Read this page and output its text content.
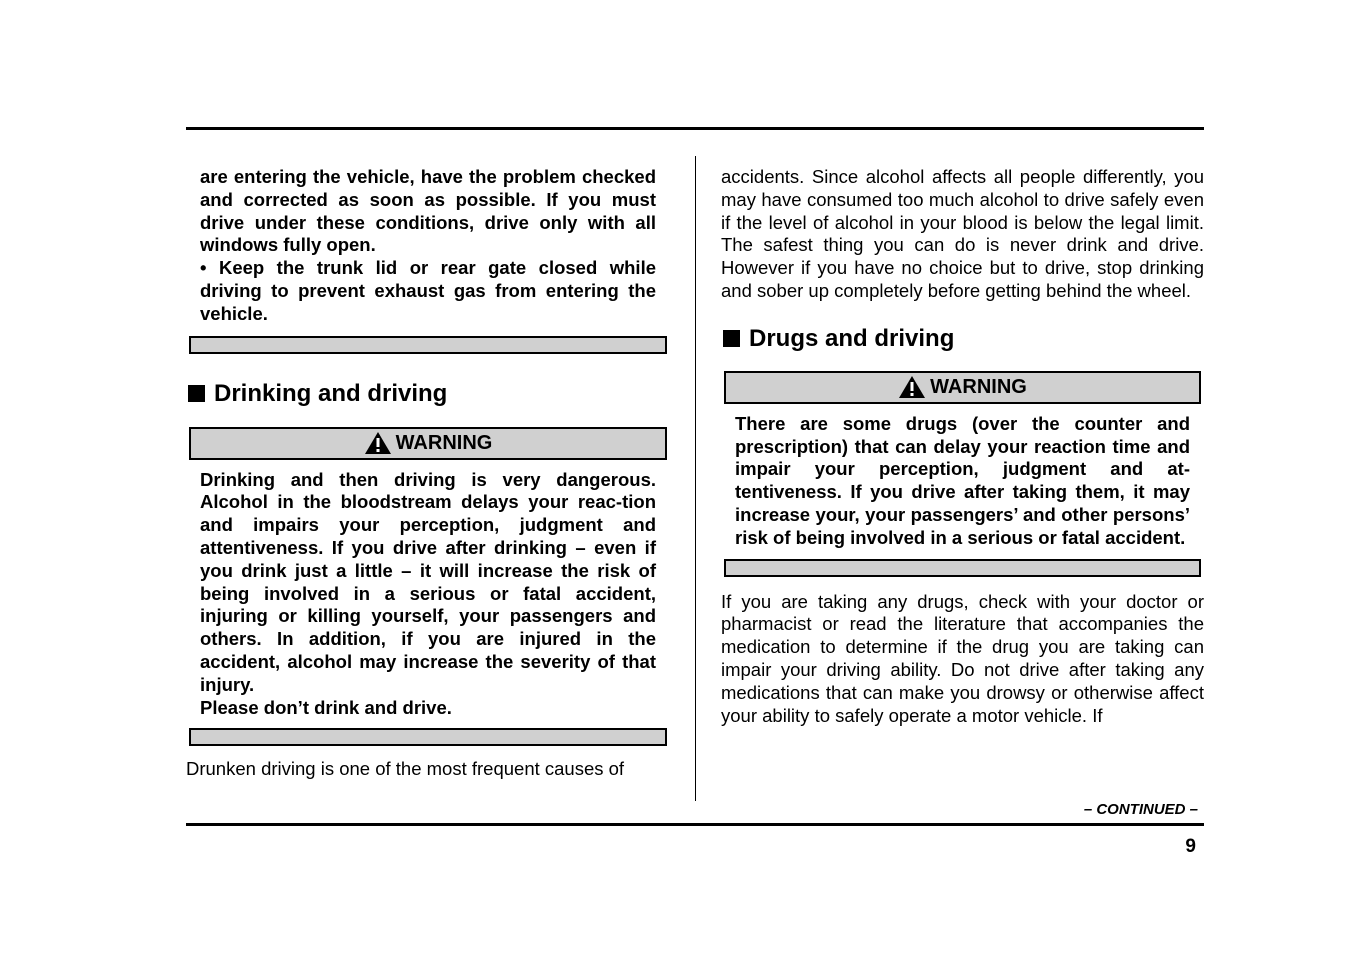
are entering the vehicle, have the problem checked and corrected as soon as possible. If you must drive under these conditions, drive only with all windows fully open.

• Keep the trunk lid or rear gate closed while driving to prevent exhaust gas from entering the vehicle.

Drinking and driving
WARNING

Drinking and then driving is very dangerous. Alcohol in the bloodstream delays your reac-tion and impairs your perception, judgment and attentiveness. If you drive after drinking – even if you drink just a little – it will increase the risk of being involved in a serious or fatal accident, injuring or killing yourself, your passengers and others. In addition, if you are injured in the accident, alcohol may increase the severity of that injury.

Please don’t drink and drive.

Drunken driving is one of the most frequent causes of

accidents. Since alcohol affects all people differently, you may have consumed too much alcohol to drive safely even if the level of alcohol in your blood is below the legal limit. The safest thing you can do is never drink and drive. However if you have no choice but to drive, stop drinking and sober up completely before getting behind the wheel.

Drugs and driving
WARNING

There are some drugs (over the counter and prescription) that can delay your reaction time and impair your perception, judgment and at-tentiveness. If you drive after taking them, it may increase your, your passengers’ and other persons’ risk of being involved in a serious or fatal accident.

If you are taking any drugs, check with your doctor or pharmacist or read the literature that accompanies the medication to determine if the drug you are taking can impair your driving ability. Do not drive after taking any medications that can make you drowsy or otherwise affect your ability to safely operate a motor vehicle. If

– CONTINUED –
9
